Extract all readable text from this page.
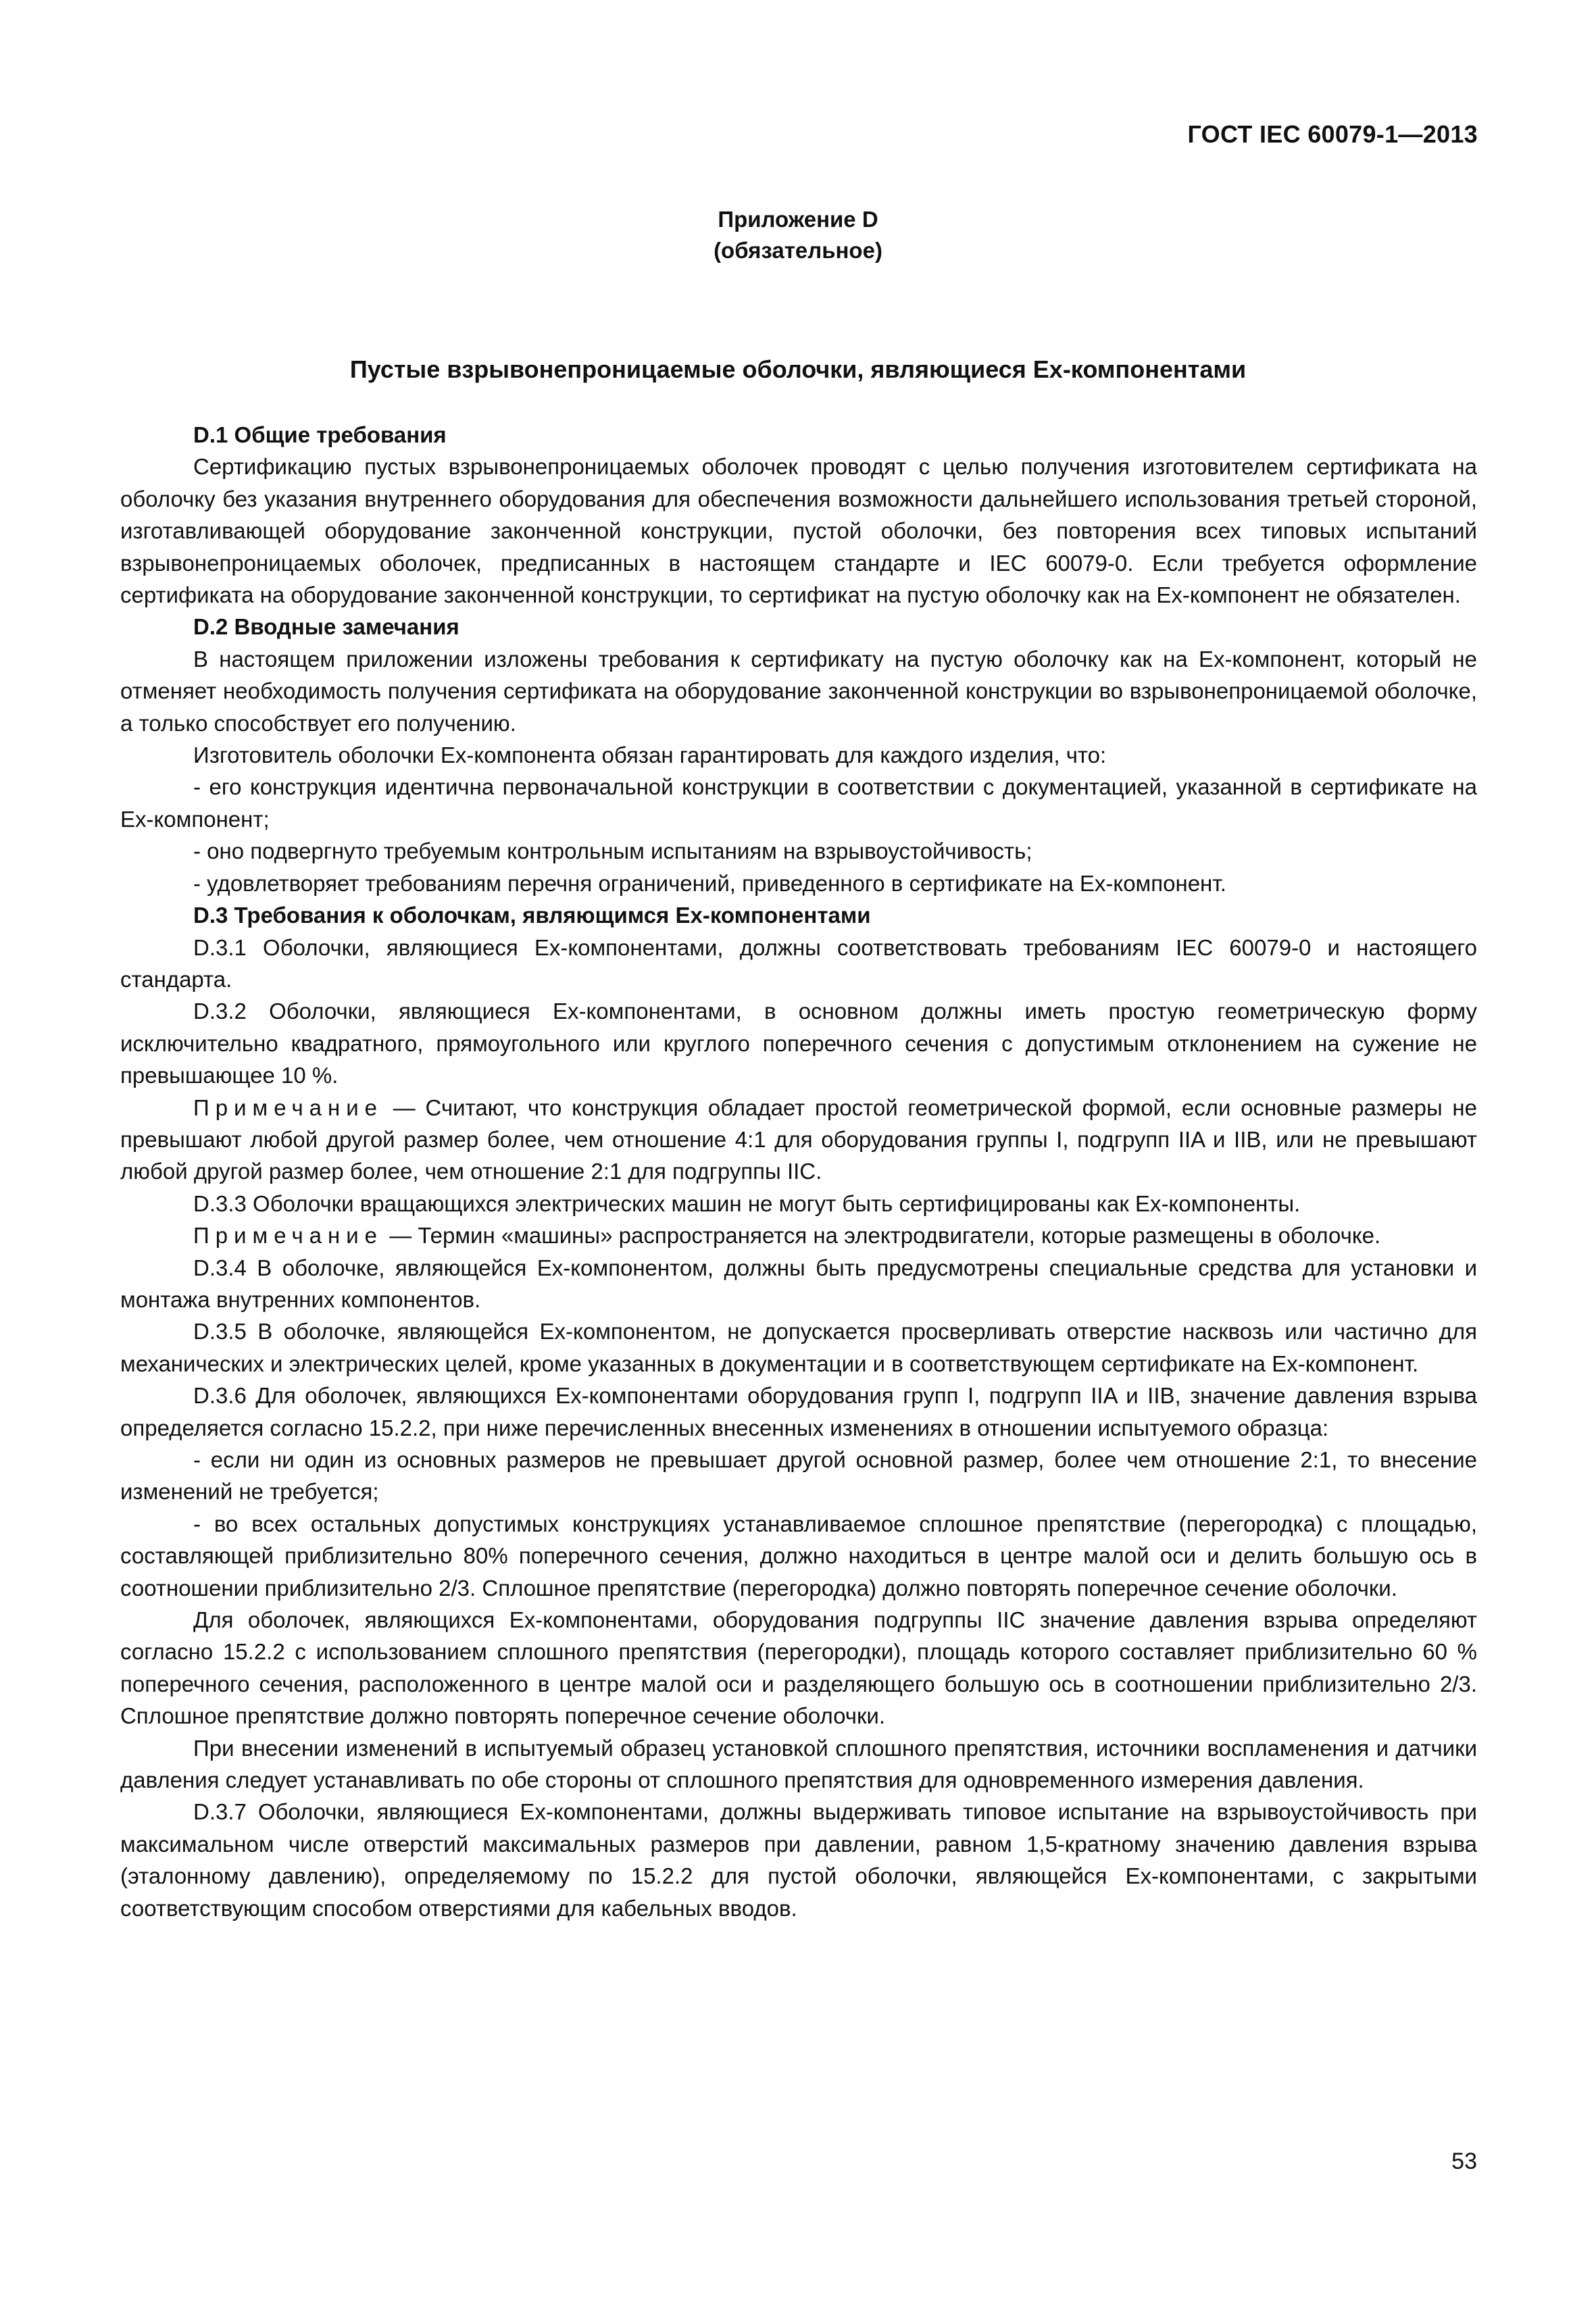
ГОСТ IEC 60079-1—2013
Приложение D
(обязательное)
Пустые взрывонепроницаемые оболочки, являющиеся Ex-компонентами

D.1 Общие требования

Сертификацию пустых взрывонепроницаемых оболочек проводят с целью получения изготовителем сертификата на оболочку без указания внутреннего оборудования для обеспечения возможности дальнейшего использования третьей стороной, изготавливающей оборудование законченной конструкции, пустой оболочки, без повторения всех типовых испытаний взрывонепроницаемых оболочек, предписанных в настоящем стандарте и IEC 60079-0. Если требуется оформление сертификата на оборудование законченной конструкции, то сертификат на пустую оболочку как на Ex-компонент не обязателен.

D.2 Вводные замечания

В настоящем приложении изложены требования к сертификату на пустую оболочку как на Ex-компонент, который не отменяет необходимость получения сертификата на оборудование законченной конструкции во взрывонепроницаемой оболочке, а только способствует его получению.

Изготовитель оболочки Ex-компонента обязан гарантировать для каждого изделия, что:

- его конструкция идентична первоначальной конструкции в соответствии с документацией, указанной в сертификате на Ex-компонент;

- оно подвергнуто требуемым контрольным испытаниям на взрывоустойчивость;

- удовлетворяет требованиям перечня ограничений, приведенного в сертификате на Ex-компонент.

D.3 Требования к оболочкам, являющимся Ex-компонентами

D.3.1 Оболочки, являющиеся Ex-компонентами, должны соответствовать требованиям IEC 60079-0 и настоящего стандарта.

D.3.2 Оболочки, являющиеся Ex-компонентами, в основном должны иметь простую геометрическую форму исключительно квадратного, прямоугольного или круглого поперечного сечения с допустимым отклонением на сужение не превышающее 10 %.

Примечание — Считают, что конструкция обладает простой геометрической формой, если основные размеры не превышают любой другой размер более, чем отношение 4:1 для оборудования группы I, подгрупп IIA и IIB, или не превышают любой другой размер более, чем отношение 2:1 для подгруппы IIC.

D.3.3 Оболочки вращающихся электрических машин не могут быть сертифицированы как Ex-компоненты.

Примечание — Термин «машины» распространяется на электродвигатели, которые размещены в оболочке.

D.3.4 В оболочке, являющейся Ex-компонентом, должны быть предусмотрены специальные средства для установки и монтажа внутренних компонентов.

D.3.5 В оболочке, являющейся Ex-компонентом, не допускается просверливать отверстие насквозь или частично для механических и электрических целей, кроме указанных в документации и в соответствующем сертификате на Ex-компонент.

D.3.6 Для оболочек, являющихся Ex-компонентами оборудования групп I, подгрупп IIA и IIB, значение давления взрыва определяется согласно 15.2.2, при ниже перечисленных внесенных изменениях в отношении испытуемого образца:

- если ни один из основных размеров не превышает другой основной размер, более чем отношение 2:1, то внесение изменений не требуется;

- во всех остальных допустимых конструкциях устанавливаемое сплошное препятствие (перегородка) с площадью, составляющей приблизительно 80% поперечного сечения, должно находиться в центре малой оси и делить большую ось в соотношении приблизительно 2/3. Сплошное препятствие (перегородка) должно повторять поперечное сечение оболочки.

Для оболочек, являющихся Ex-компонентами, оборудования подгруппы IIC значение давления взрыва определяют согласно 15.2.2 с использованием сплошного препятствия (перегородки), площадь которого составляет приблизительно 60 % поперечного сечения, расположенного в центре малой оси и разделяющего большую ось в соотношении приблизительно 2/3. Сплошное препятствие должно повторять поперечное сечение оболочки.

При внесении изменений в испытуемый образец установкой сплошного препятствия, источники воспламенения и датчики давления следует устанавливать по обе стороны от сплошного препятствия для одновременного измерения давления.

D.3.7 Оболочки, являющиеся Ex-компонентами, должны выдерживать типовое испытание на взрывоустойчивость при максимальном числе отверстий максимальных размеров при давлении, равном 1,5-кратному значению давления взрыва (эталонному давлению), определяемому по 15.2.2 для пустой оболочки, являющейся Ex-компонентами, с закрытыми соответствующим способом отверстиями для кабельных вводов.

53
